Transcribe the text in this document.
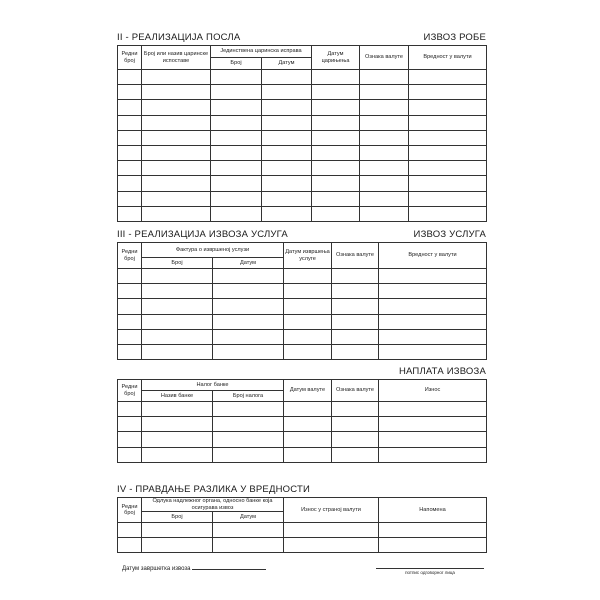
II - РЕАЛИЗАЦИЈА ПОСЛА	ИЗВОЗ РОБЕ
Редни број	Број или назив царинске испоставе	Јединствена царинска исправа		Датум царињења	Ознака валуте	Вредност у валути
		Број	Датум			

III - РЕАЛИЗАЦИЈА ИЗВОЗА УСЛУГА	ИЗВОЗ УСЛУГА
Редни број	Фактура о извршеној услузи		Датум извршења услуге	Ознака валуте	Вредност у валути
	Број	Датум			

НАПЛАТА ИЗВОЗА
Редни број	Налог банке		Датум валуте	Ознака валуте	Износ
	Назив банке	Број налога			

IV - ПРАВДАЊЕ РАЗЛИКА У ВРЕДНОСТИ
Редни број	Одлука надлежног органа, односно банке која осигурава извоз		Износ у страној валути	Напомена
	Број	Датум		

Датум завршетка извоза
потпис одговорног лица
